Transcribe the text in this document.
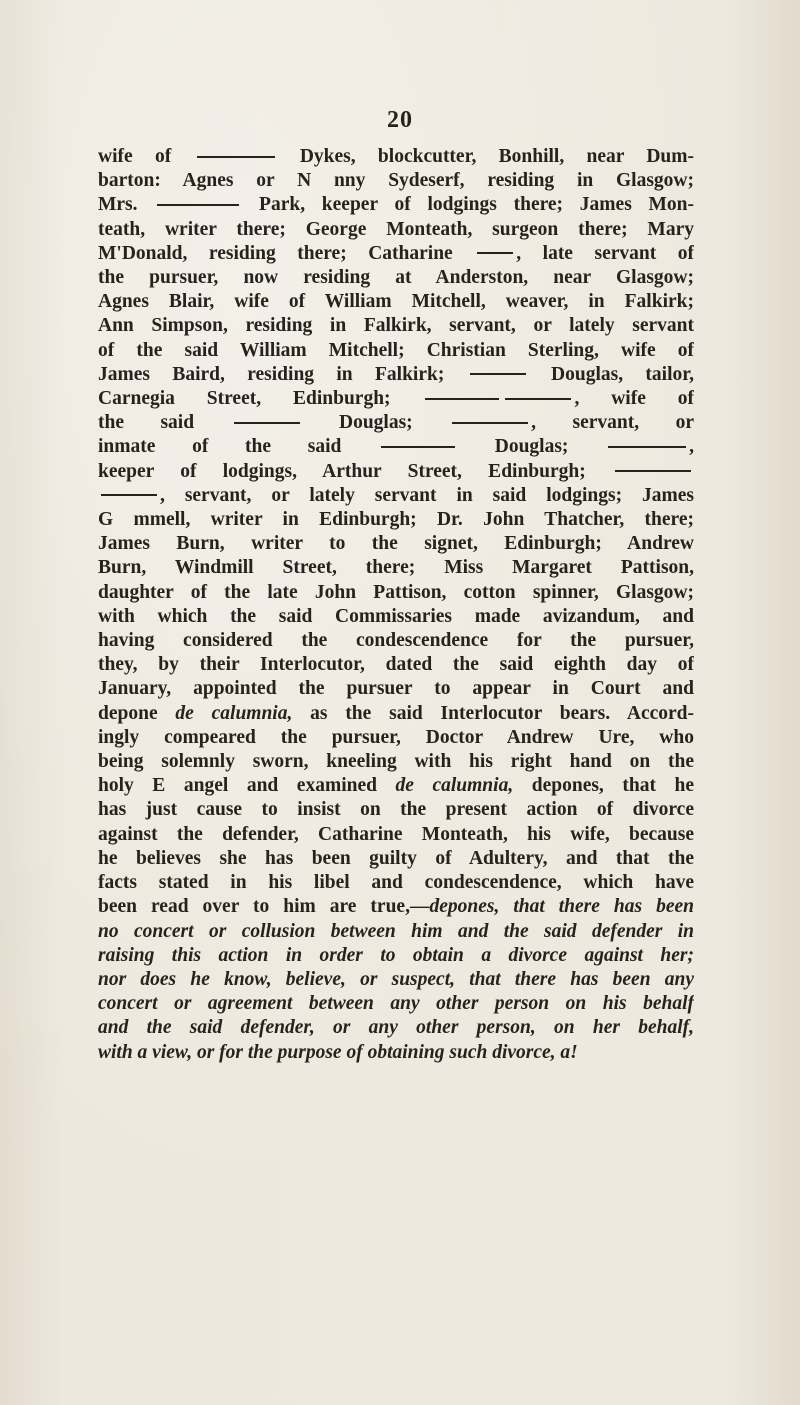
20
wife of	Dykes, blockcutter, Bonhill, near Dum-
barton: Agnes or N nny Sydeserf, residing in Glasgow;
Mrs.	Park, keeper of lodgings there; James Mon-
teath, writer there; George Monteath, surgeon there; Mary
M'Donald, residing there; Catharine	, late servant of
the pursuer, now residing at Anderston, near Glasgow;
Agnes Blair, wife of William Mitchell, weaver, in Falkirk;
Ann Simpson, residing in Falkirk, servant, or lately servant
of the said William Mitchell; Christian Sterling, wife of
James Baird, residing in Falkirk;	Douglas, tailor,
Carnegia Street, Edinburgh;	, wife of
the said	Douglas;	, servant, or
inmate of the said	Douglas;	,
keeper of lodgings, Arthur Street, Edinburgh;
, servant, or lately servant in said lodgings; James
G mmell, writer in Edinburgh; Dr. John Thatcher, there;
James Burn, writer to the signet, Edinburgh; Andrew
Burn, Windmill Street, there; Miss Margaret Pattison,
daughter of the late John Pattison, cotton spinner, Glasgow;
with which the said Commissaries made avizandum, and
having considered the condescendence for the pursuer,
they, by their Interlocutor, dated the said eighth day of
January, appointed the pursuer to appear in Court and
depone de calumnia, as the said Interlocutor bears. Accord-
ingly compeared the pursuer, Doctor Andrew Ure, who
being solemnly sworn, kneeling with his right hand on the
holy E angel and examined de calumnia, depones, that he
has just cause to insist on the present action of divorce
against the defender, Catharine Monteath, his wife, because
he believes she has been guilty of Adultery, and that the
facts stated in his libel and condescendence, which have
been read over to him are true,—depones, that there has been
no concert or collusion between him and the said defender in
raising this action in order to obtain a divorce against her;
nor does he know, believe, or suspect, that there has been any
concert or agreement between any other person on his behalf
and the said defender, or any other person, on her behalf,
with a view, or for the purpose of obtaining such divorce, a!
